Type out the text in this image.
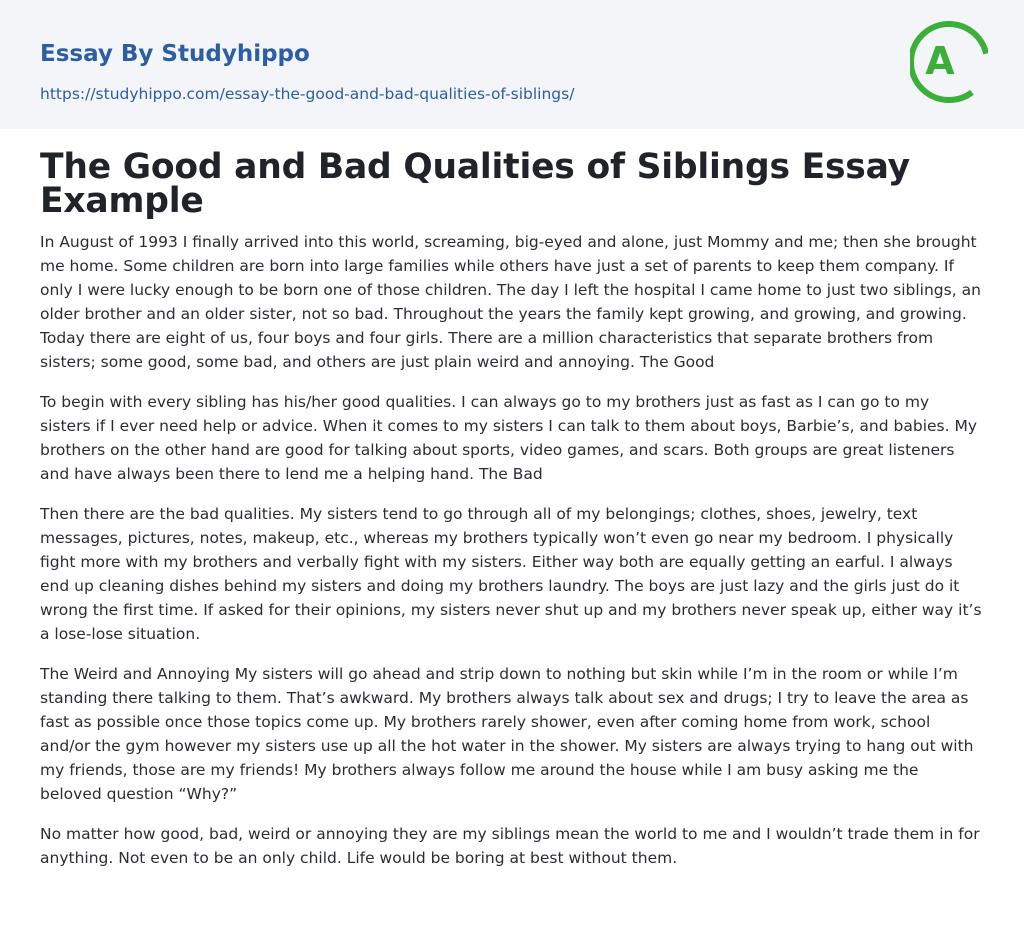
Essay By Studyhippo
https://studyhippo.com/essay-the-good-and-bad-qualities-of-siblings/
A
The Good and Bad Qualities of Siblings Essay Example

In August of 1993 I finally arrived into this world, screaming, big-eyed and alone, just Mommy and me; then she brought me home. Some children are born into large families while others have just a set of parents to keep them company. If only I were lucky enough to be born one of those children. The day I left the hospital I came home to just two siblings, an older brother and an older sister, not so bad. Throughout the years the family kept growing, and growing, and growing. Today there are eight of us, four boys and four girls. There are a million characteristics that separate brothers from sisters; some good, some bad, and others are just plain weird and annoying. The Good

To begin with every sibling has his/her good qualities. I can always go to my brothers just as fast as I can go to my sisters if I ever need help or advice. When it comes to my sisters I can talk to them about boys, Barbie’s, and babies. My brothers on the other hand are good for talking about sports, video games, and scars. Both groups are great listeners and have always been there to lend me a helping hand. The Bad

Then there are the bad qualities. My sisters tend to go through all of my belongings; clothes, shoes, jewelry, text messages, pictures, notes, makeup, etc., whereas my brothers typically won’t even go near my bedroom. I physically fight more with my brothers and verbally fight with my sisters. Either way both are equally getting an earful. I always end up cleaning dishes behind my sisters and doing my brothers laundry. The boys are just lazy and the girls just do it wrong the first time. If asked for their opinions, my sisters never shut up and my brothers never speak up, either way it’s a lose-lose situation.

The Weird and Annoying My sisters will go ahead and strip down to nothing but skin while I’m in the room or while I’m standing there talking to them. That’s awkward. My brothers always talk about sex and drugs; I try to leave the area as fast as possible once those topics come up. My brothers rarely shower, even after coming home from work, school and/or the gym however my sisters use up all the hot water in the shower. My sisters are always trying to hang out with my friends, those are my friends! My brothers always follow me around the house while I am busy asking me the beloved question “Why?”

No matter how good, bad, weird or annoying they are my siblings mean the world to me and I wouldn’t trade them in for anything. Not even to be an only child. Life would be boring at best without them.
